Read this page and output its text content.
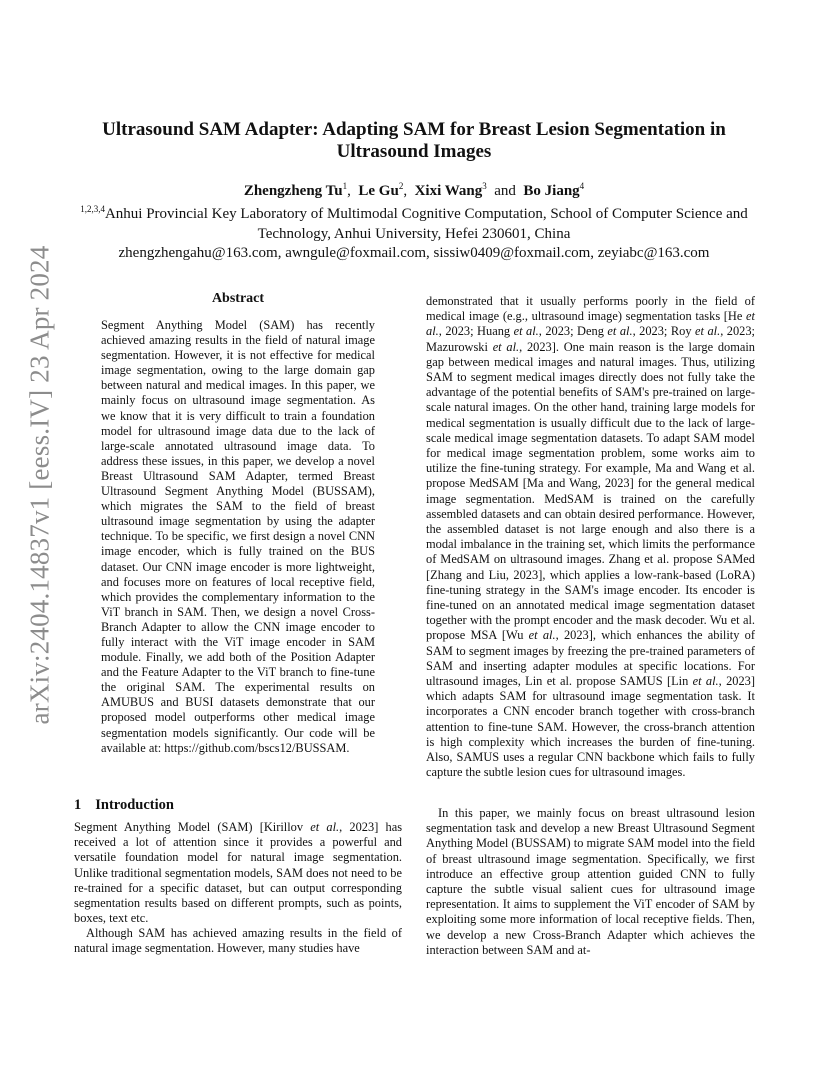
arXiv:2404.14837v1 [eess.IV] 23 Apr 2024
Ultrasound SAM Adapter: Adapting SAM for Breast Lesion Segmentation in Ultrasound Images
Zhengzheng Tu$^1$, Le Gu$^2$, Xixi Wang$^3$ and Bo Jiang$^4$
$^{1,2,3,4}$Anhui Provincial Key Laboratory of Multimodal Cognitive Computation, School of Computer Science and Technology, Anhui University, Hefei 230601, China
zhengzhengahu@163.com, awngule@foxmail.com, sissiw0409@foxmail.com, zeyiabc@163.com
Abstract

Segment Anything Model (SAM) has recently achieved amazing results in the field of natural image segmentation. However, it is not effective for medical image segmentation, owing to the large domain gap between natural and medical images. In this paper, we mainly focus on ultrasound image segmentation. As we know that it is very difficult to train a foundation model for ultrasound image data due to the lack of large-scale annotated ultrasound image data. To address these issues, in this paper, we develop a novel Breast Ultrasound SAM Adapter, termed Breast Ultrasound Segment Anything Model (BUSSAM), which migrates the SAM to the field of breast ultrasound image segmentation by using the adapter technique. To be specific, we first design a novel CNN image encoder, which is fully trained on the BUS dataset. Our CNN image encoder is more lightweight, and focuses more on features of local receptive field, which provides the complementary information to the ViT branch in SAM. Then, we design a novel Cross-Branch Adapter to allow the CNN image encoder to fully interact with the ViT image encoder in SAM module. Finally, we add both of the Position Adapter and the Feature Adapter to the ViT branch to fine-tune the original SAM. The experimental results on AMUBUS and BUSI datasets demonstrate that our proposed model outperforms other medical image segmentation models significantly. Our code will be available at: https://github.com/bscs12/BUSSAM.

1 Introduction

Segment Anything Model (SAM) [Kirillov et al., 2023] has received a lot of attention since it provides a powerful and versatile foundation model for natural image segmentation. Unlike traditional segmentation models, SAM does not need to be re-trained for a specific dataset, but can output corresponding segmentation results based on different prompts, such as points, boxes, text etc.

Although SAM has achieved amazing results in the field of natural image segmentation. However, many studies have

demonstrated that it usually performs poorly in the field of medical image (e.g., ultrasound image) segmentation tasks [He et al., 2023; Huang et al., 2023; Deng et al., 2023; Roy et al., 2023; Mazurowski et al., 2023]. One main reason is the large domain gap between medical images and natural images. Thus, utilizing SAM to segment medical images directly does not fully take the advantage of the potential benefits of SAM's pre-trained on large-scale natural images. On the other hand, training large models for medical segmentation is usually difficult due to the lack of large-scale medical image segmentation datasets. To adapt SAM model for medical image segmentation problem, some works aim to utilize the fine-tuning strategy. For example, Ma and Wang et al. propose MedSAM [Ma and Wang, 2023] for the general medical image segmentation. MedSAM is trained on the carefully assembled datasets and can obtain desired performance. However, the assembled dataset is not large enough and also there is a modal imbalance in the training set, which limits the performance of MedSAM on ultrasound images. Zhang et al. propose SAMed [Zhang and Liu, 2023], which applies a low-rank-based (LoRA) fine-tuning strategy in the SAM's image encoder. Its encoder is fine-tuned on an annotated medical image segmentation dataset together with the prompt encoder and the mask decoder. Wu et al. propose MSA [Wu et al., 2023], which enhances the ability of SAM to segment images by freezing the pre-trained parameters of SAM and inserting adapter modules at specific locations. For ultrasound images, Lin et al. propose SAMUS [Lin et al., 2023] which adapts SAM for ultrasound image segmentation task. It incorporates a CNN encoder branch together with cross-branch attention to fine-tune SAM. However, the cross-branch attention is high complexity which increases the burden of fine-tuning. Also, SAMUS uses a regular CNN backbone which fails to fully capture the subtle lesion cues for ultrasound images.

In this paper, we mainly focus on breast ultrasound lesion segmentation task and develop a new Breast Ultrasound Segment Anything Model (BUSSAM) to migrate SAM model into the field of breast ultrasound image segmentation. Specifically, we first introduce an effective group attention guided CNN to fully capture the subtle visual salient cues for ultrasound image representation. It aims to supplement the ViT encoder of SAM by exploiting some more information of local receptive fields. Then, we develop a new Cross-Branch Adapter which achieves the interaction between SAM and at-
